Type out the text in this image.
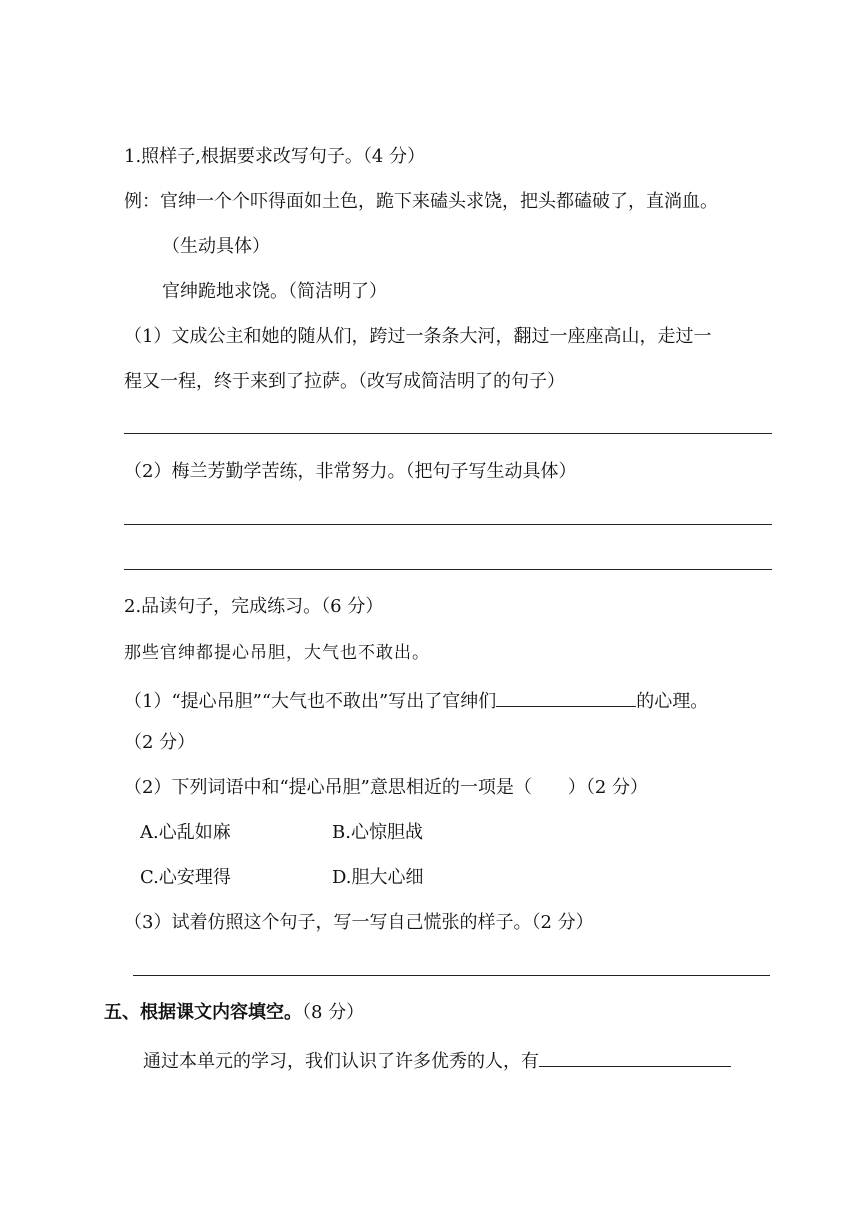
1.照样子,根据要求改写句子。（4 分）
例：官绅一个个吓得面如土色，跪下来磕头求饶，把头都磕破了，直淌血。
（生动具体）
官绅跪地求饶。（简洁明了）
（1）文成公主和她的随从们，跨过一条条大河，翻过一座座高山，走过一
程又一程，终于来到了拉萨。（改写成简洁明了的句子）
（2）梅兰芳勤学苦练，非常努力。（把句子写生动具体）
2.品读句子，完成练习。（6 分）
那些官绅都提心吊胆，大气也不敢出。
（1）“提心吊胆”“大气也不敢出”写出了官绅们	的心理。
（2 分）
（2）下列词语中和“提心吊胆”意思相近的一项是（　　）（2 分）
A.心乱如麻	B.心惊胆战
C.心安理得	D.胆大心细
（3）试着仿照这个句子，写一写自己慌张的样子。（2 分）
五、根据课文内容填空。（8 分）
通过本单元的学习，我们认识了许多优秀的人，有
